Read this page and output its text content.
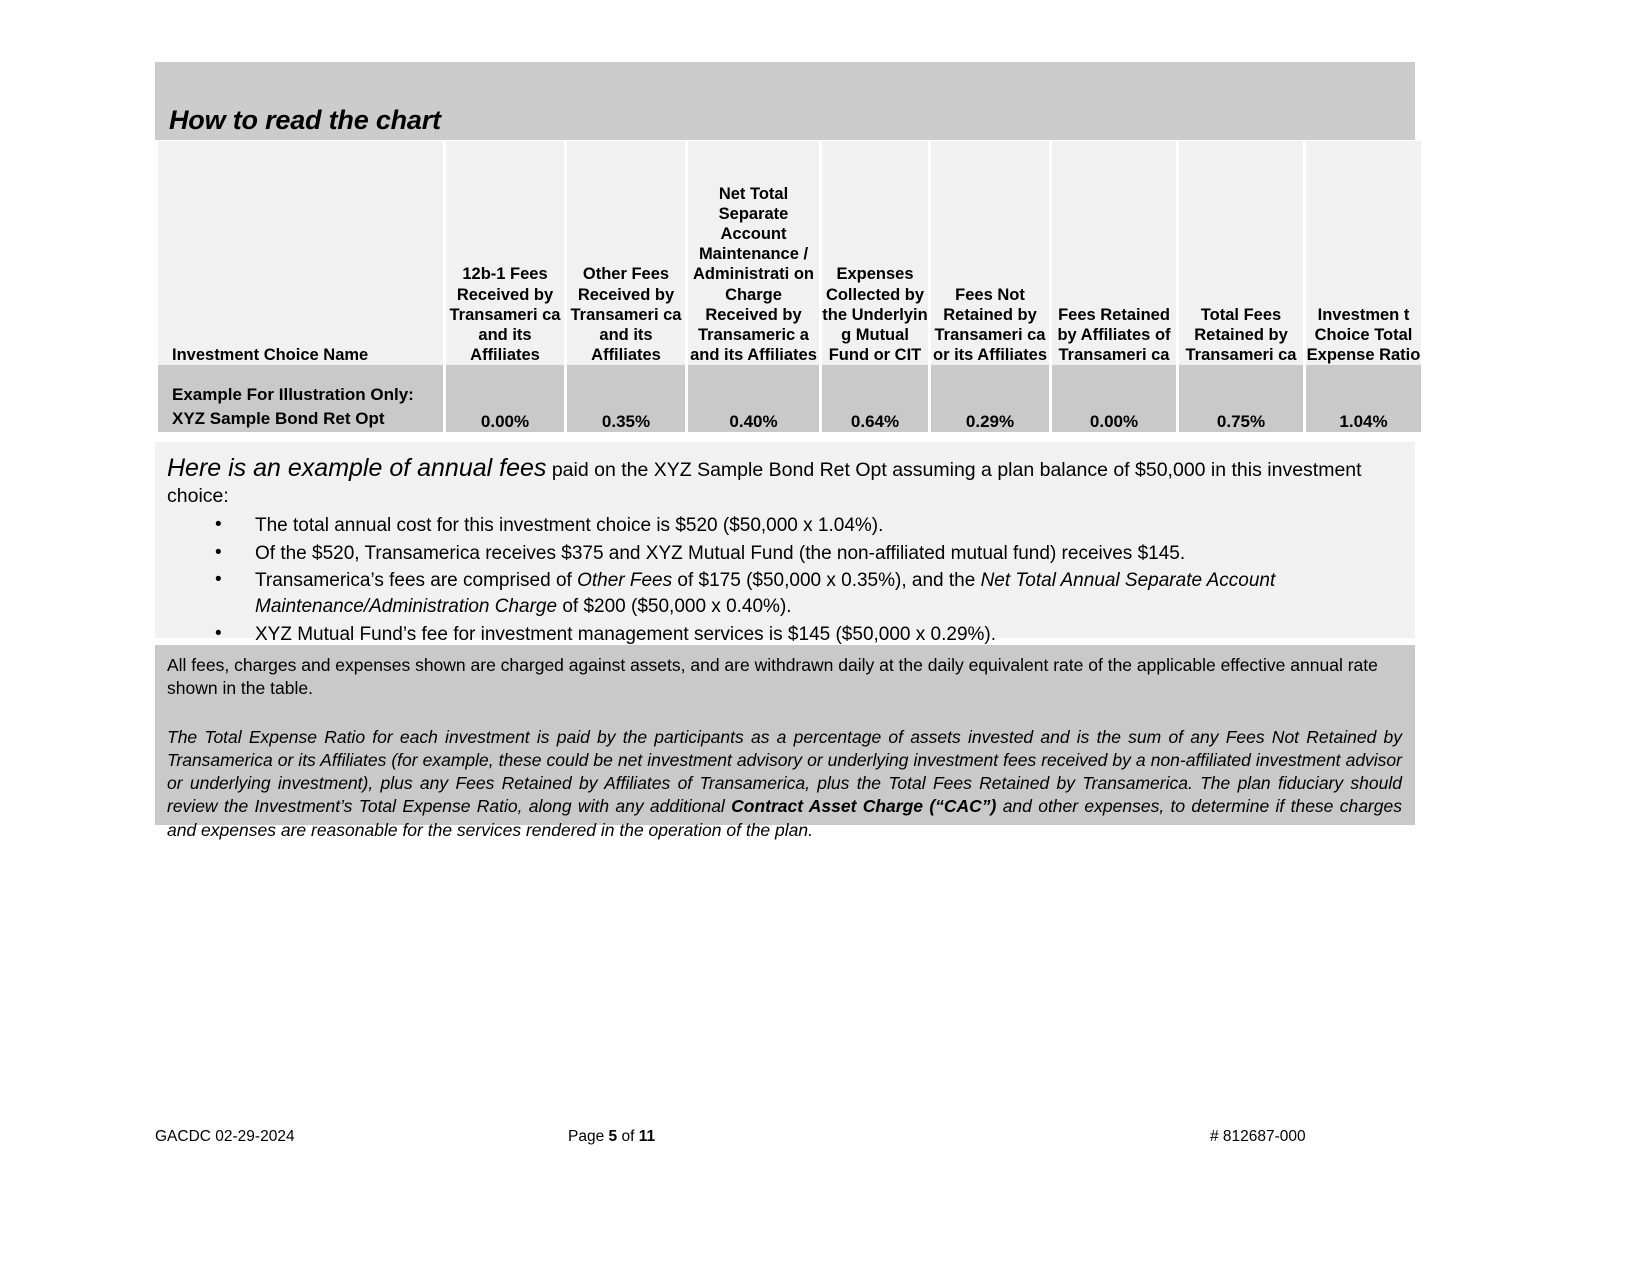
How to read the chart
Investment Choice Name	12b-1 Fees Received by Transameri ca and its Affiliates	Other Fees Received by Transameri ca and its Affiliates	Net Total Separate Account Maintenance / Administrati on Charge Received by Transameric a and its Affiliates	Expenses Collected by the Underlyin g Mutual Fund or CIT	Fees Not Retained by Transameri ca or its Affiliates	Fees Retained by Affiliates of Transameri ca	Total Fees Retained by Transameri ca	Investmen t Choice Total Expense Ratio
Example For Illustration Only:
XYZ Sample Bond Ret Opt	0.00%	0.35%	0.40%	0.64%	0.29%	0.00%	0.75%	1.04%

Here is an example of annual fees paid on the XYZ Sample Bond Ret Opt assuming a plan balance of $50,000 in this investment choice:

• The total annual cost for this investment choice is $520 ($50,000 x 1.04%).
• Of the $520, Transamerica receives $375 and XYZ Mutual Fund (the non-affiliated mutual fund) receives $145.
• Transamerica’s fees are comprised of Other Fees of $175 ($50,000 x 0.35%), and the Net Total Annual Separate Account Maintenance/Administration Charge of $200 ($50,000 x 0.40%).
• XYZ Mutual Fund’s fee for investment management services is $145 ($50,000 x 0.29%).

All fees, charges and expenses shown are charged against assets, and are withdrawn daily at the daily equivalent rate of the applicable effective annual rate shown in the table.

The Total Expense Ratio for each investment is paid by the participants as a percentage of assets invested and is the sum of any Fees Not Retained by Transamerica or its Affiliates (for example, these could be net investment advisory or underlying investment fees received by a non-affiliated investment advisor or underlying investment), plus any Fees Retained by Affiliates of Transamerica, plus the Total Fees Retained by Transamerica. The plan fiduciary should review the Investment’s Total Expense Ratio, along with any additional Contract Asset Charge (“CAC”) and other expenses, to determine if these charges and expenses are reasonable for the services rendered in the operation of the plan.

GACDC 02-29-2024	Page 5 of 11	# 812687-000
